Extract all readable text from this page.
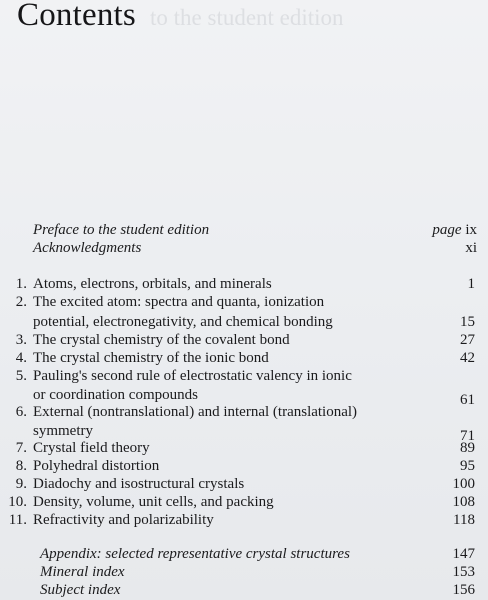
to the student edition
Contents
Preface to the student edition	page ix
Acknowledgments	xi
1. Atoms, electrons, orbitals, and minerals	1
2. The excited atom: spectra and quanta, ionization
potential, electronegativity, and chemical bonding	15
3. The crystal chemistry of the covalent bond	27
4. The crystal chemistry of the ionic bond	42
5. Pauling's second rule of electrostatic valency in ionic
or coordination compounds	61
6. External (nontranslational) and internal (translational)
symmetry	71
7. Crystal field theory	89
8. Polyhedral distortion	95
9. Diadochy and isostructural crystals	100
10. Density, volume, unit cells, and packing	108
11. Refractivity and polarizability	118
Appendix: selected representative crystal structures	147
Mineral index	153
Subject index	156
